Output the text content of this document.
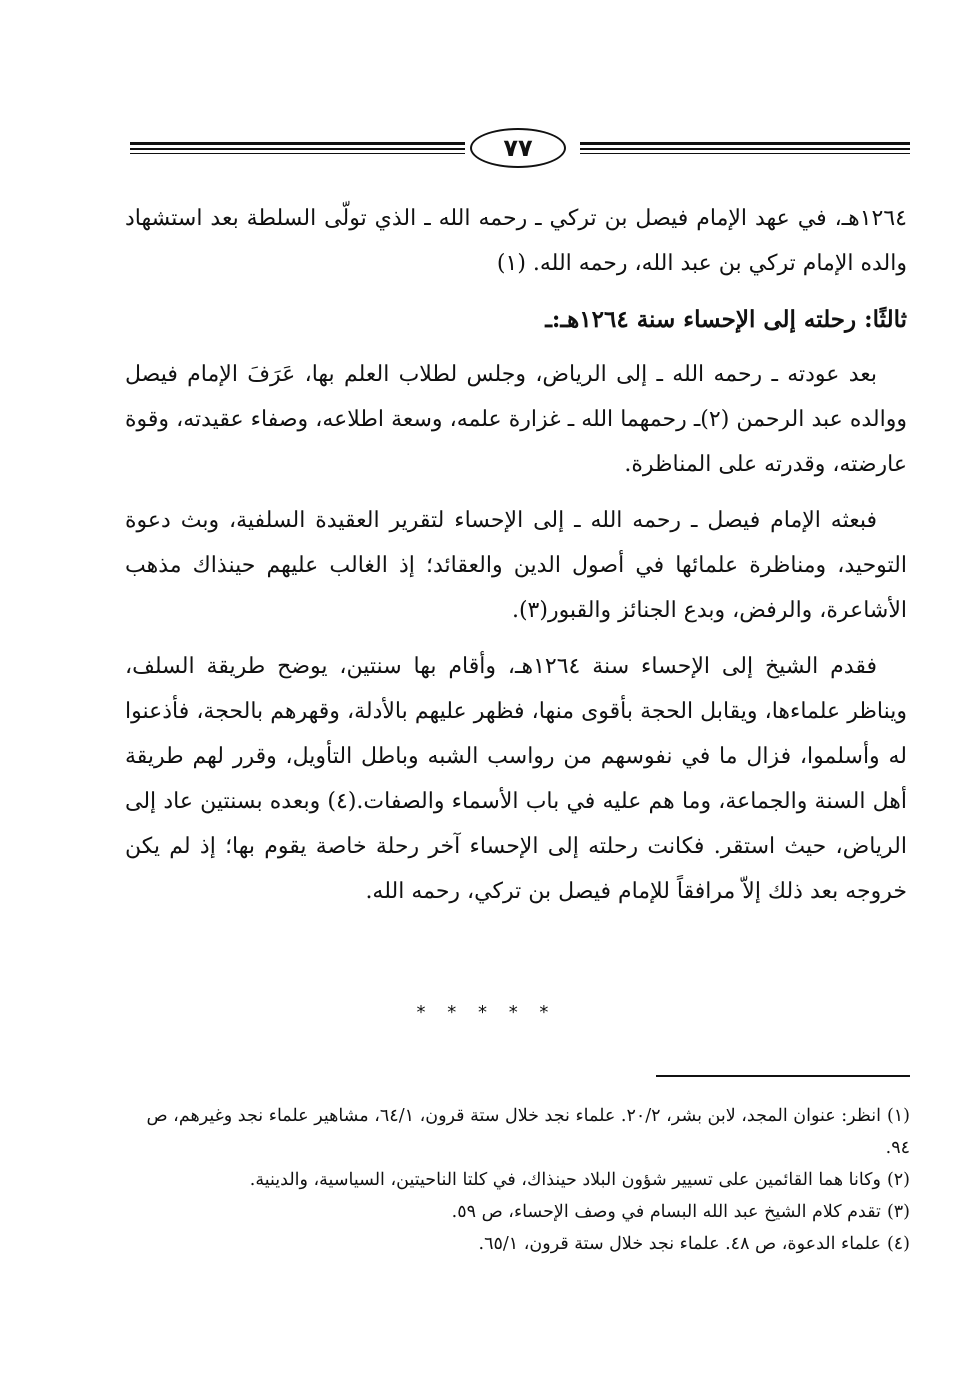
٧٧

١٢٦٤هـ، في عهد الإمام فيصل بن تركي ـ رحمه الله ـ الذي تولّى السلطة بعد استشهاد والده الإمام تركي بن عبد الله، رحمه الله. (١)

ثالثًا: رحلته إلى الإحساء سنة ١٢٦٤هـ:ـ

بعد عودته ـ رحمه الله ـ إلى الرياض، وجلس لطلاب العلم بها، عَرَفَ الإمام فيصل ووالده عبد الرحمن (٢)ـ رحمهما الله ـ غزارة علمه، وسعة اطلاعه، وصفاء عقيدته، وقوة عارضته، وقدرته على المناظرة.

فبعثه الإمام فيصل ـ رحمه الله ـ إلى الإحساء لتقرير العقيدة السلفية، وبث دعوة التوحيد، ومناظرة علمائها في أصول الدين والعقائد؛ إذ الغالب عليهم حينذاك مذهب الأشاعرة، والرفض، وبدع الجنائز والقبور(٣).

فقدم الشيخ إلى الإحساء سنة ١٢٦٤هـ، وأقام بها سنتين، يوضح طريقة السلف، ويناظر علماءها، ويقابل الحجة بأقوى منها، فظهر عليهم بالأدلة، وقهرهم بالحجة، فأذعنوا له وأسلموا، فزال ما في نفوسهم من رواسب الشبه وباطل التأويل، وقرر لهم طريقة أهل السنة والجماعة، وما هم عليه في باب الأسماء والصفات.(٤) وبعده بسنتين عاد إلى الرياض، حيث استقر. فكانت رحلته إلى الإحساء آخر رحلة خاصة يقوم بها؛ إذ لم يكن خروجه بعد ذلك إلاّ مرافقاً للإمام فيصل بن تركي، رحمه الله.

* * * * *

(١)انظر: عنوان المجد، لابن بشر، ٢٠/٢. علماء نجد خلال ستة قرون، ٦٤/١، مشاهير علماء نجد وغيرهم، ص ٩٤.

(٢)وكانا هما القائمين على تسيير شؤون البلاد حينذاك، في كلتا الناحيتين، السياسية، والدينية.

(٣)تقدم كلام الشيخ عبد الله البسام في وصف الإحساء، ص ٥٩.

(٤)علماء الدعوة، ص ٤٨. علماء نجد خلال ستة قرون، ٦٥/١.
